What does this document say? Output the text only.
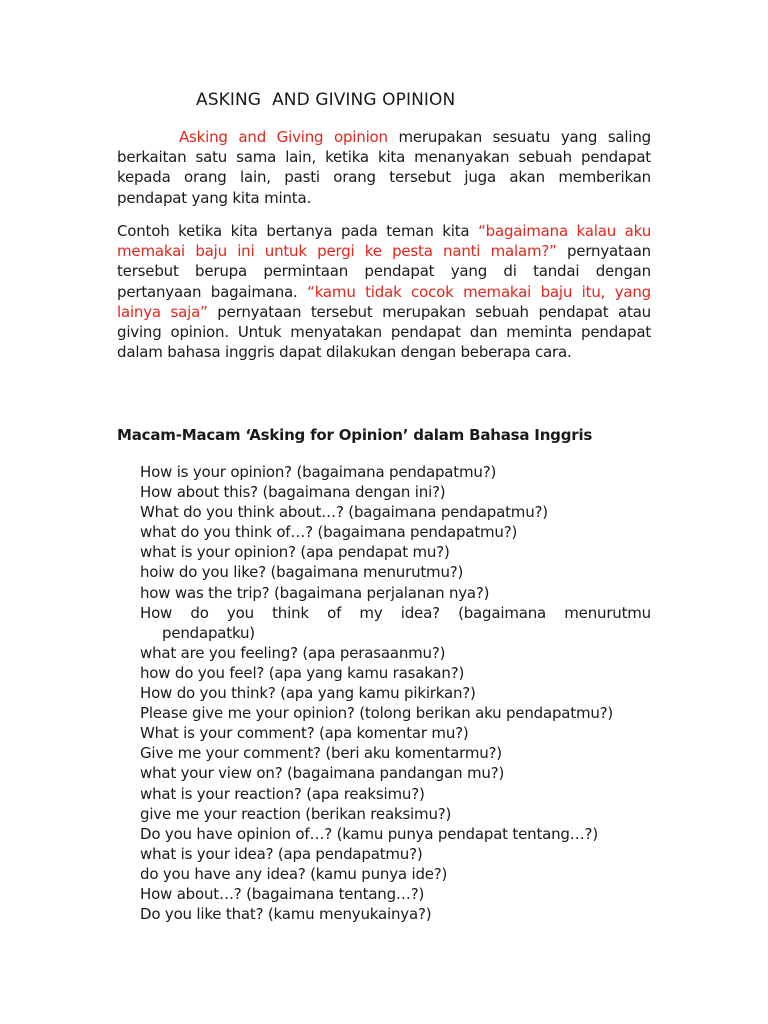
ASKING  AND GIVING OPINION

Asking and Giving opinion merupakan sesuatu yang saling berkaitan satu sama lain, ketika kita menanyakan sebuah pendapat kepada orang lain, pasti orang tersebut juga akan memberikan pendapat yang kita minta.

Contoh ketika kita bertanya pada teman kita “bagaimana kalau aku memakai baju ini untuk pergi ke pesta nanti malam?” pernyataan tersebut berupa permintaan pendapat yang di tandai dengan pertanyaan bagaimana. “kamu tidak cocok memakai baju itu, yang lainya saja” pernyataan tersebut merupakan sebuah pendapat atau giving opinion. Untuk menyatakan pendapat dan meminta pendapat dalam bahasa inggris dapat dilakukan dengan beberapa cara.

Macam-Macam ‘Asking for Opinion’ dalam Bahasa Inggris
How is your opinion? (bagaimana pendapatmu?)
How about this? (bagaimana dengan ini?)
What do you think about…? (bagaimana pendapatmu?)
what do you think of…? (bagaimana pendapatmu?)
what is your opinion? (apa pendapat mu?)
hoiw do you like? (bagaimana menurutmu?)
how was the trip? (bagaimana perjalanan nya?)
How do you think of my idea? (bagaimana menurutmu
pendapatku)
what are you feeling? (apa perasaanmu?)
how do you feel? (apa yang kamu rasakan?)
How do you think? (apa yang kamu pikirkan?)
Please give me your opinion? (tolong berikan aku pendapatmu?)
What is your comment? (apa komentar mu?)
Give me your comment? (beri aku komentarmu?)
what your view on? (bagaimana pandangan mu?)
what is your reaction? (apa reaksimu?)
give me your reaction (berikan reaksimu?)
Do you have opinion of…? (kamu punya pendapat tentang…?)
what is your idea? (apa pendapatmu?)
do you have any idea? (kamu punya ide?)
How about…? (bagaimana tentang…?)
Do you like that? (kamu menyukainya?)
